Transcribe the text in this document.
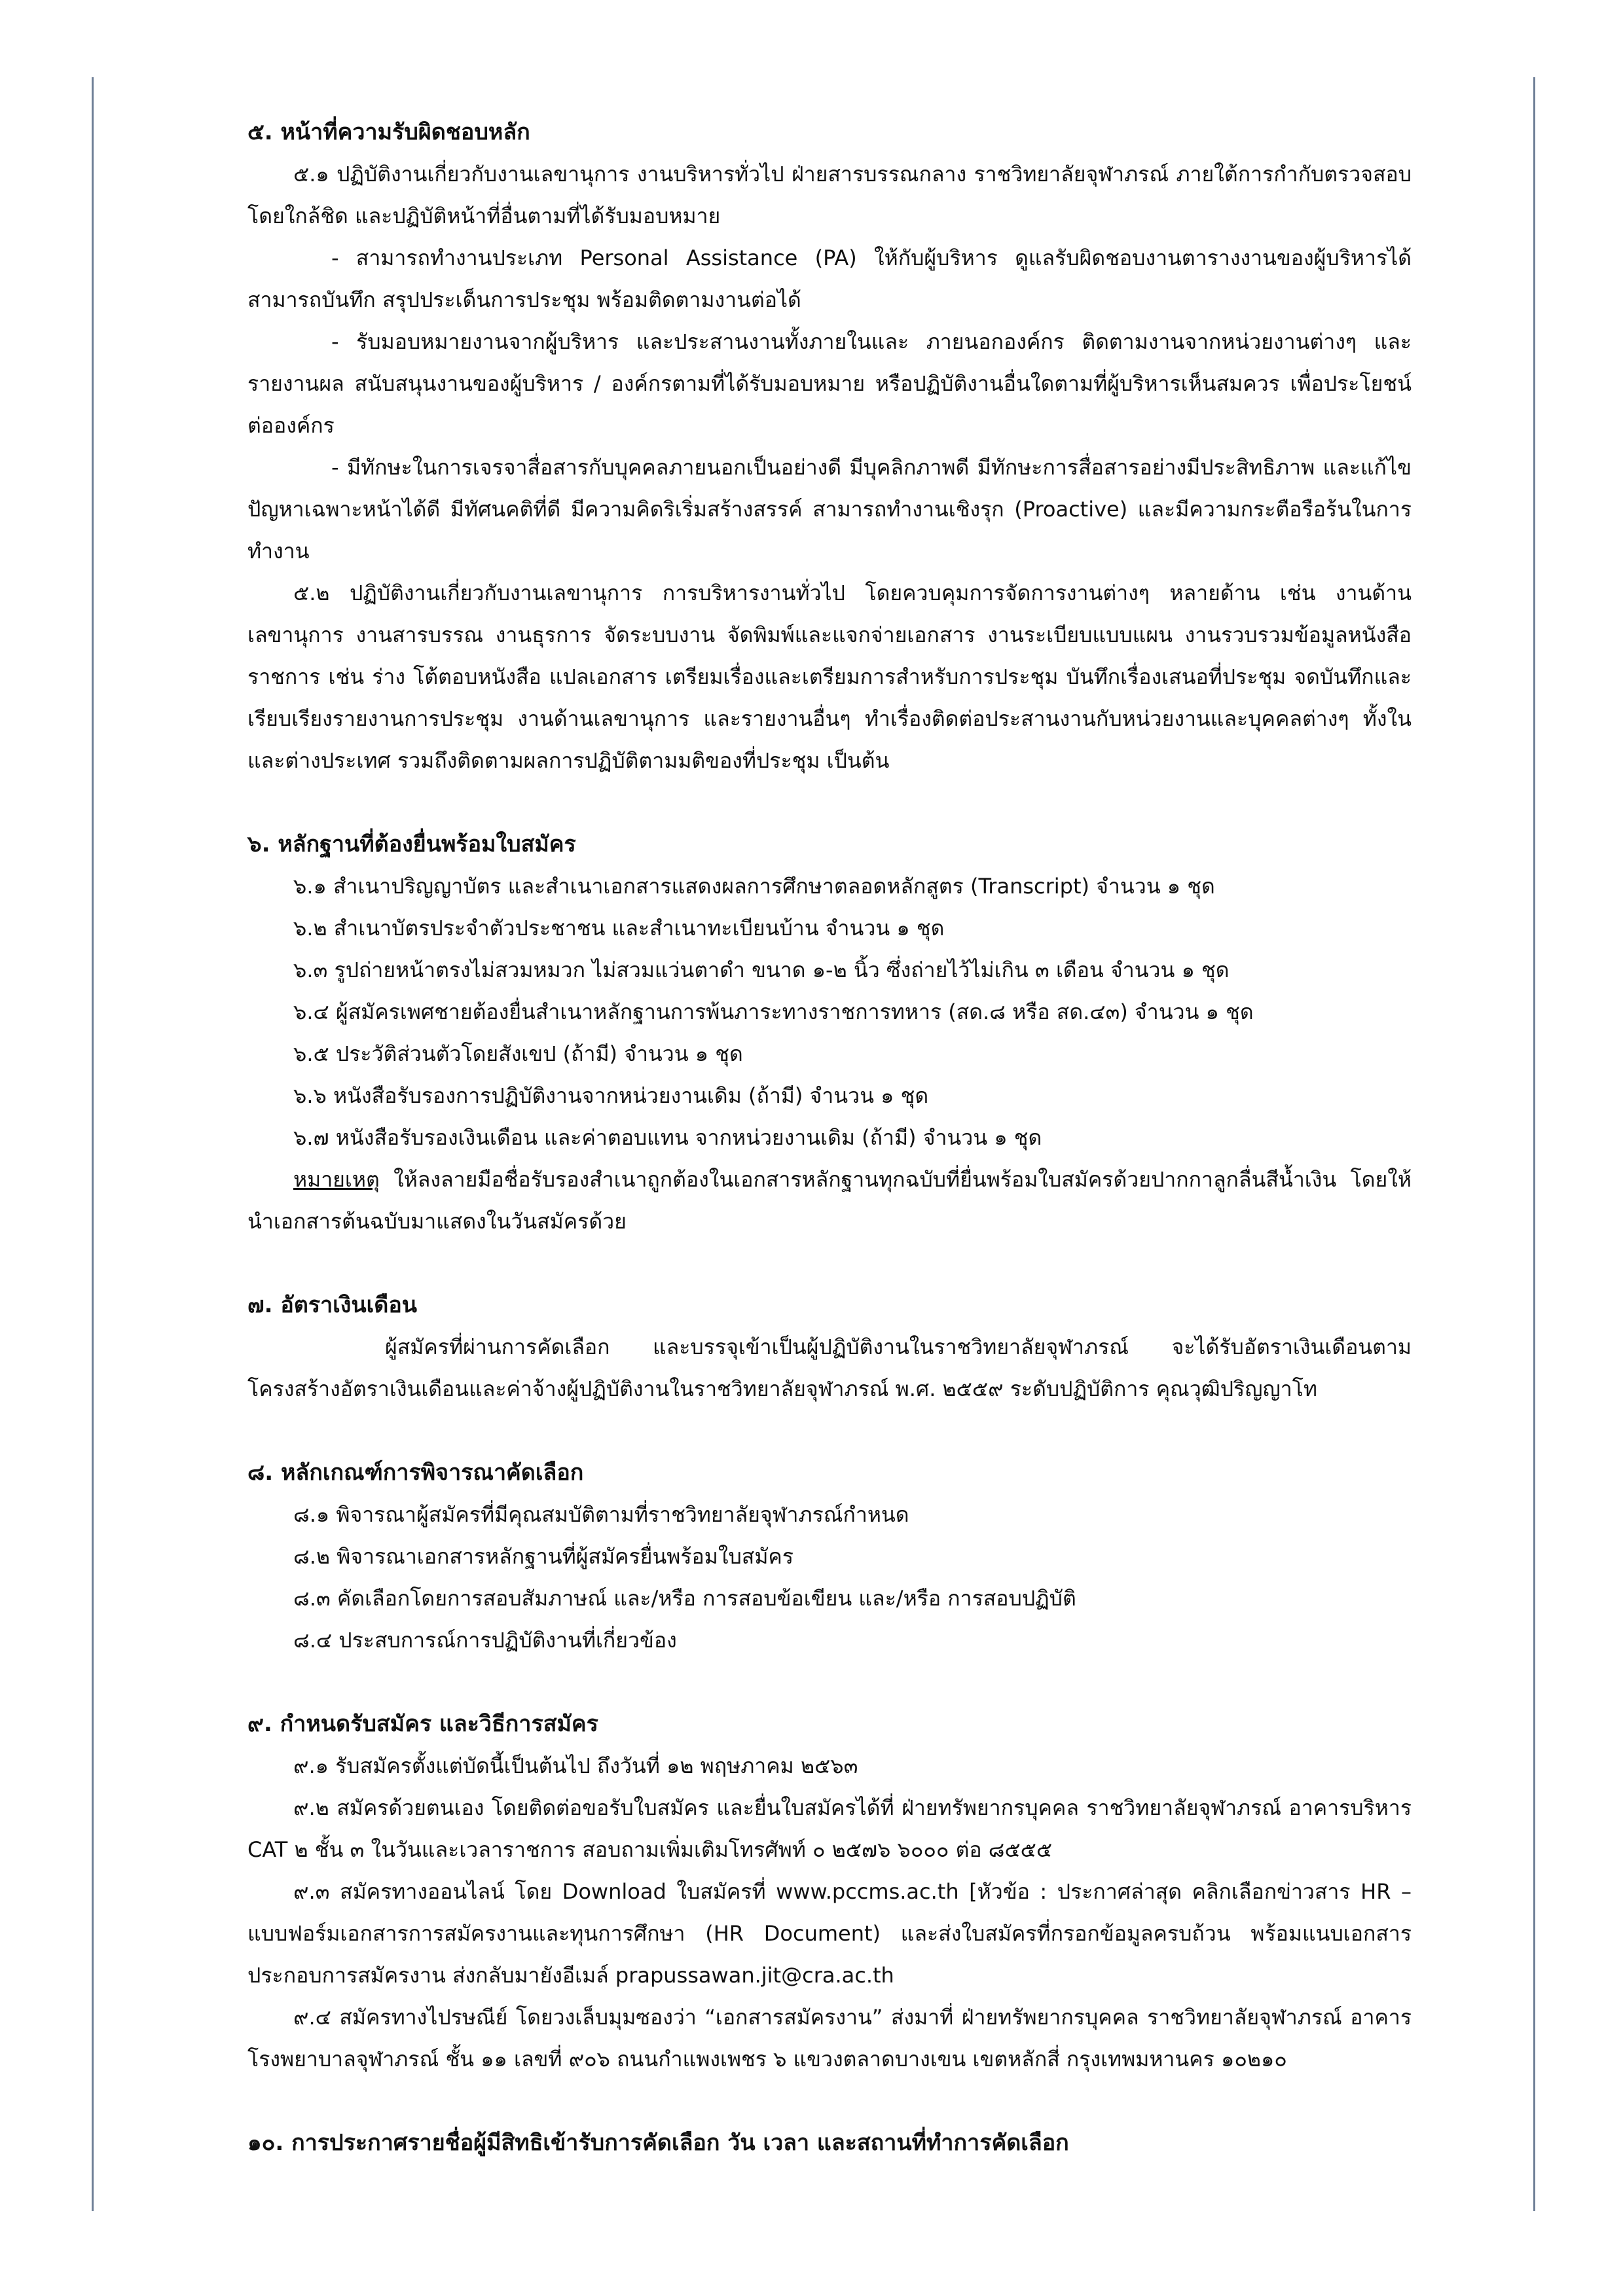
๕. หน้าที่ความรับผิดชอบหลัก

๕.๑ ปฏิบัติงานเกี่ยวกับงานเลขานุการ งานบริหารทั่วไป ฝ่ายสารบรรณกลาง ราชวิทยาลัยจุฬาภรณ์ ภายใต้การกำกับตรวจสอบโดยใกล้ชิด และปฏิบัติหน้าที่อื่นตามที่ได้รับมอบหมาย

- สามารถทำงานประเภท Personal Assistance (PA) ให้กับผู้บริหาร ดูแลรับผิดชอบงานตารางงานของผู้บริหารได้ สามารถบันทึก สรุปประเด็นการประชุม พร้อมติดตามงานต่อได้

- รับมอบหมายงานจากผู้บริหาร และประสานงานทั้งภายในและ ภายนอกองค์กร ติดตามงานจากหน่วยงานต่างๆ และรายงานผล สนับสนุนงานของผู้บริหาร / องค์กรตามที่ได้รับมอบหมาย หรือปฏิบัติงานอื่นใดตามที่ผู้บริหารเห็นสมควร เพื่อประโยชน์ต่อองค์กร

- มีทักษะในการเจรจาสื่อสารกับบุคคลภายนอกเป็นอย่างดี มีบุคลิกภาพดี มีทักษะการสื่อสารอย่างมีประสิทธิภาพ และแก้ไขปัญหาเฉพาะหน้าได้ดี มีทัศนคติที่ดี มีความคิดริเริ่มสร้างสรรค์ สามารถทำงานเชิงรุก (Proactive) และมีความกระตือรือร้นในการทำงาน

๕.๒ ปฏิบัติงานเกี่ยวกับงานเลขานุการ การบริหารงานทั่วไป โดยควบคุมการจัดการงานต่างๆ หลายด้าน เช่น งานด้านเลขานุการ งานสารบรรณ งานธุรการ จัดระบบงาน จัดพิมพ์และแจกจ่ายเอกสาร งานระเบียบแบบแผน งานรวบรวมข้อมูลหนังสือราชการ เช่น ร่าง โต้ตอบหนังสือ แปลเอกสาร เตรียมเรื่องและเตรียมการสำหรับการประชุม บันทึกเรื่องเสนอที่ประชุม จดบันทึกและเรียบเรียงรายงานการประชุม งานด้านเลขานุการ และรายงานอื่นๆ ทำเรื่องติดต่อประสานงานกับหน่วยงานและบุคคลต่างๆ ทั้งในและต่างประเทศ รวมถึงติดตามผลการปฏิบัติตามมติของที่ประชุม เป็นต้น

๖. หลักฐานที่ต้องยื่นพร้อมใบสมัคร

๖.๑ สำเนาปริญญาบัตร และสำเนาเอกสารแสดงผลการศึกษาตลอดหลักสูตร (Transcript) จำนวน ๑ ชุด

๖.๒ สำเนาบัตรประจำตัวประชาชน และสำเนาทะเบียนบ้าน จำนวน ๑ ชุด

๖.๓ รูปถ่ายหน้าตรงไม่สวมหมวก ไม่สวมแว่นตาดำ ขนาด ๑-๒ นิ้ว ซึ่งถ่ายไว้ไม่เกิน ๓ เดือน จำนวน ๑ ชุด

๖.๔ ผู้สมัครเพศชายต้องยื่นสำเนาหลักฐานการพ้นภาระทางราชการทหาร (สด.๘ หรือ สด.๔๓) จำนวน ๑ ชุด

๖.๕ ประวัติส่วนตัวโดยสังเขป (ถ้ามี) จำนวน ๑ ชุด

๖.๖ หนังสือรับรองการปฏิบัติงานจากหน่วยงานเดิม (ถ้ามี) จำนวน ๑ ชุด

๖.๗ หนังสือรับรองเงินเดือน และค่าตอบแทน จากหน่วยงานเดิม (ถ้ามี) จำนวน ๑ ชุด

หมายเหตุ ให้ลงลายมือชื่อรับรองสำเนาถูกต้องในเอกสารหลักฐานทุกฉบับที่ยื่นพร้อมใบสมัครด้วยปากกาลูกลื่นสีน้ำเงิน โดยให้นำเอกสารต้นฉบับมาแสดงในวันสมัครด้วย

๗. อัตราเงินเดือน

ผู้สมัครที่ผ่านการคัดเลือก และบรรจุเข้าเป็นผู้ปฏิบัติงานในราชวิทยาลัยจุฬาภรณ์ จะได้รับอัตราเงินเดือนตามโครงสร้างอัตราเงินเดือนและค่าจ้างผู้ปฏิบัติงานในราชวิทยาลัยจุฬาภรณ์ พ.ศ. ๒๕๕๙ ระดับปฏิบัติการ คุณวุฒิปริญญาโท

๘. หลักเกณฑ์การพิจารณาคัดเลือก

๘.๑ พิจารณาผู้สมัครที่มีคุณสมบัติตามที่ราชวิทยาลัยจุฬาภรณ์กำหนด

๘.๒ พิจารณาเอกสารหลักฐานที่ผู้สมัครยื่นพร้อมใบสมัคร

๘.๓ คัดเลือกโดยการสอบสัมภาษณ์ และ/หรือ การสอบข้อเขียน และ/หรือ การสอบปฏิบัติ

๘.๔ ประสบการณ์การปฏิบัติงานที่เกี่ยวข้อง

๙. กำหนดรับสมัคร และวิธีการสมัคร

๙.๑ รับสมัครตั้งแต่บัดนี้เป็นต้นไป ถึงวันที่ ๑๒ พฤษภาคม ๒๕๖๓

๙.๒ สมัครด้วยตนเอง โดยติดต่อขอรับใบสมัคร และยื่นใบสมัครได้ที่ ฝ่ายทรัพยากรบุคคล ราชวิทยาลัยจุฬาภรณ์ อาคารบริหาร CAT ๒ ชั้น ๓ ในวันและเวลาราชการ สอบถามเพิ่มเติมโทรศัพท์ ๐ ๒๕๗๖ ๖๐๐๐ ต่อ ๘๕๕๕

๙.๓ สมัครทางออนไลน์ โดย Download ใบสมัครที่ www.pccms.ac.th [หัวข้อ : ประกาศล่าสุด คลิกเลือกข่าวสาร HR – แบบฟอร์มเอกสารการสมัครงานและทุนการศึกษา (HR Document) และส่งใบสมัครที่กรอกข้อมูลครบถ้วน พร้อมแนบเอกสารประกอบการสมัครงาน ส่งกลับมายังอีเมล์ prapussawan.jit@cra.ac.th

๙.๔ สมัครทางไปรษณีย์ โดยวงเล็บมุมซองว่า “เอกสารสมัครงาน” ส่งมาที่ ฝ่ายทรัพยากรบุคคล ราชวิทยาลัยจุฬาภรณ์ อาคารโรงพยาบาลจุฬาภรณ์ ชั้น ๑๑ เลขที่ ๙๐๖ ถนนกำแพงเพชร ๖ แขวงตลาดบางเขน เขตหลักสี่ กรุงเทพมหานคร ๑๐๒๑๐

๑๐. การประกาศรายชื่อผู้มีสิทธิเข้ารับการคัดเลือก วัน เวลา และสถานที่ทำการคัดเลือก
